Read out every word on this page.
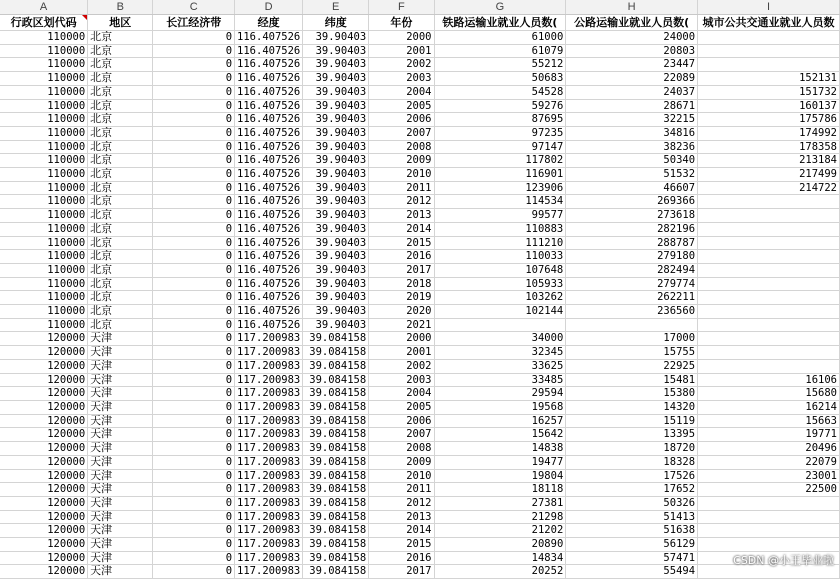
A	B	C	D	E	F	G	H	I
行政区划代码	地区	长江经济带	经度	纬度	年份	铁路运输业就业人员数(	公路运输业就业人员数(	城市公共交通业就业人员数
110000	北京	0	116.407526	39.90403	2000	61000	24000	
110000	北京	0	116.407526	39.90403	2001	61079	20803	
110000	北京	0	116.407526	39.90403	2002	55212	23447	
110000	北京	0	116.407526	39.90403	2003	50683	22089	152131
110000	北京	0	116.407526	39.90403	2004	54528	24037	151732
110000	北京	0	116.407526	39.90403	2005	59276	28671	160137
110000	北京	0	116.407526	39.90403	2006	87695	32215	175786
110000	北京	0	116.407526	39.90403	2007	97235	34816	174992
110000	北京	0	116.407526	39.90403	2008	97147	38236	178358
110000	北京	0	116.407526	39.90403	2009	117802	50340	213184
110000	北京	0	116.407526	39.90403	2010	116901	51532	217499
110000	北京	0	116.407526	39.90403	2011	123906	46607	214722
110000	北京	0	116.407526	39.90403	2012	114534	269366	
110000	北京	0	116.407526	39.90403	2013	99577	273618	
110000	北京	0	116.407526	39.90403	2014	110883	282196	
110000	北京	0	116.407526	39.90403	2015	111210	288787	
110000	北京	0	116.407526	39.90403	2016	110033	279180	
110000	北京	0	116.407526	39.90403	2017	107648	282494	
110000	北京	0	116.407526	39.90403	2018	105933	279774	
110000	北京	0	116.407526	39.90403	2019	103262	262211	
110000	北京	0	116.407526	39.90403	2020	102144	236560	
110000	北京	0	116.407526	39.90403	2021			
120000	天津	0	117.200983	39.084158	2000	34000	17000	
120000	天津	0	117.200983	39.084158	2001	32345	15755	
120000	天津	0	117.200983	39.084158	2002	33625	22925	
120000	天津	0	117.200983	39.084158	2003	33485	15481	16106
120000	天津	0	117.200983	39.084158	2004	29594	15380	15680
120000	天津	0	117.200983	39.084158	2005	19568	14320	16214
120000	天津	0	117.200983	39.084158	2006	16257	15119	15663
120000	天津	0	117.200983	39.084158	2007	15642	13395	19771
120000	天津	0	117.200983	39.084158	2008	14838	18720	20496
120000	天津	0	117.200983	39.084158	2009	19477	18328	22079
120000	天津	0	117.200983	39.084158	2010	19804	17526	23001
120000	天津	0	117.200983	39.084158	2011	18118	17652	22500
120000	天津	0	117.200983	39.084158	2012	27381	50326	
120000	天津	0	117.200983	39.084158	2013	21298	51413	
120000	天津	0	117.200983	39.084158	2014	21202	51638	
120000	天津	0	117.200983	39.084158	2015	20890	56129	
120000	天津	0	117.200983	39.084158	2016	14834	57471	
120000	天津	0	117.200983	39.084158	2017	20252	55494	
CSDN @小王毕业啦
